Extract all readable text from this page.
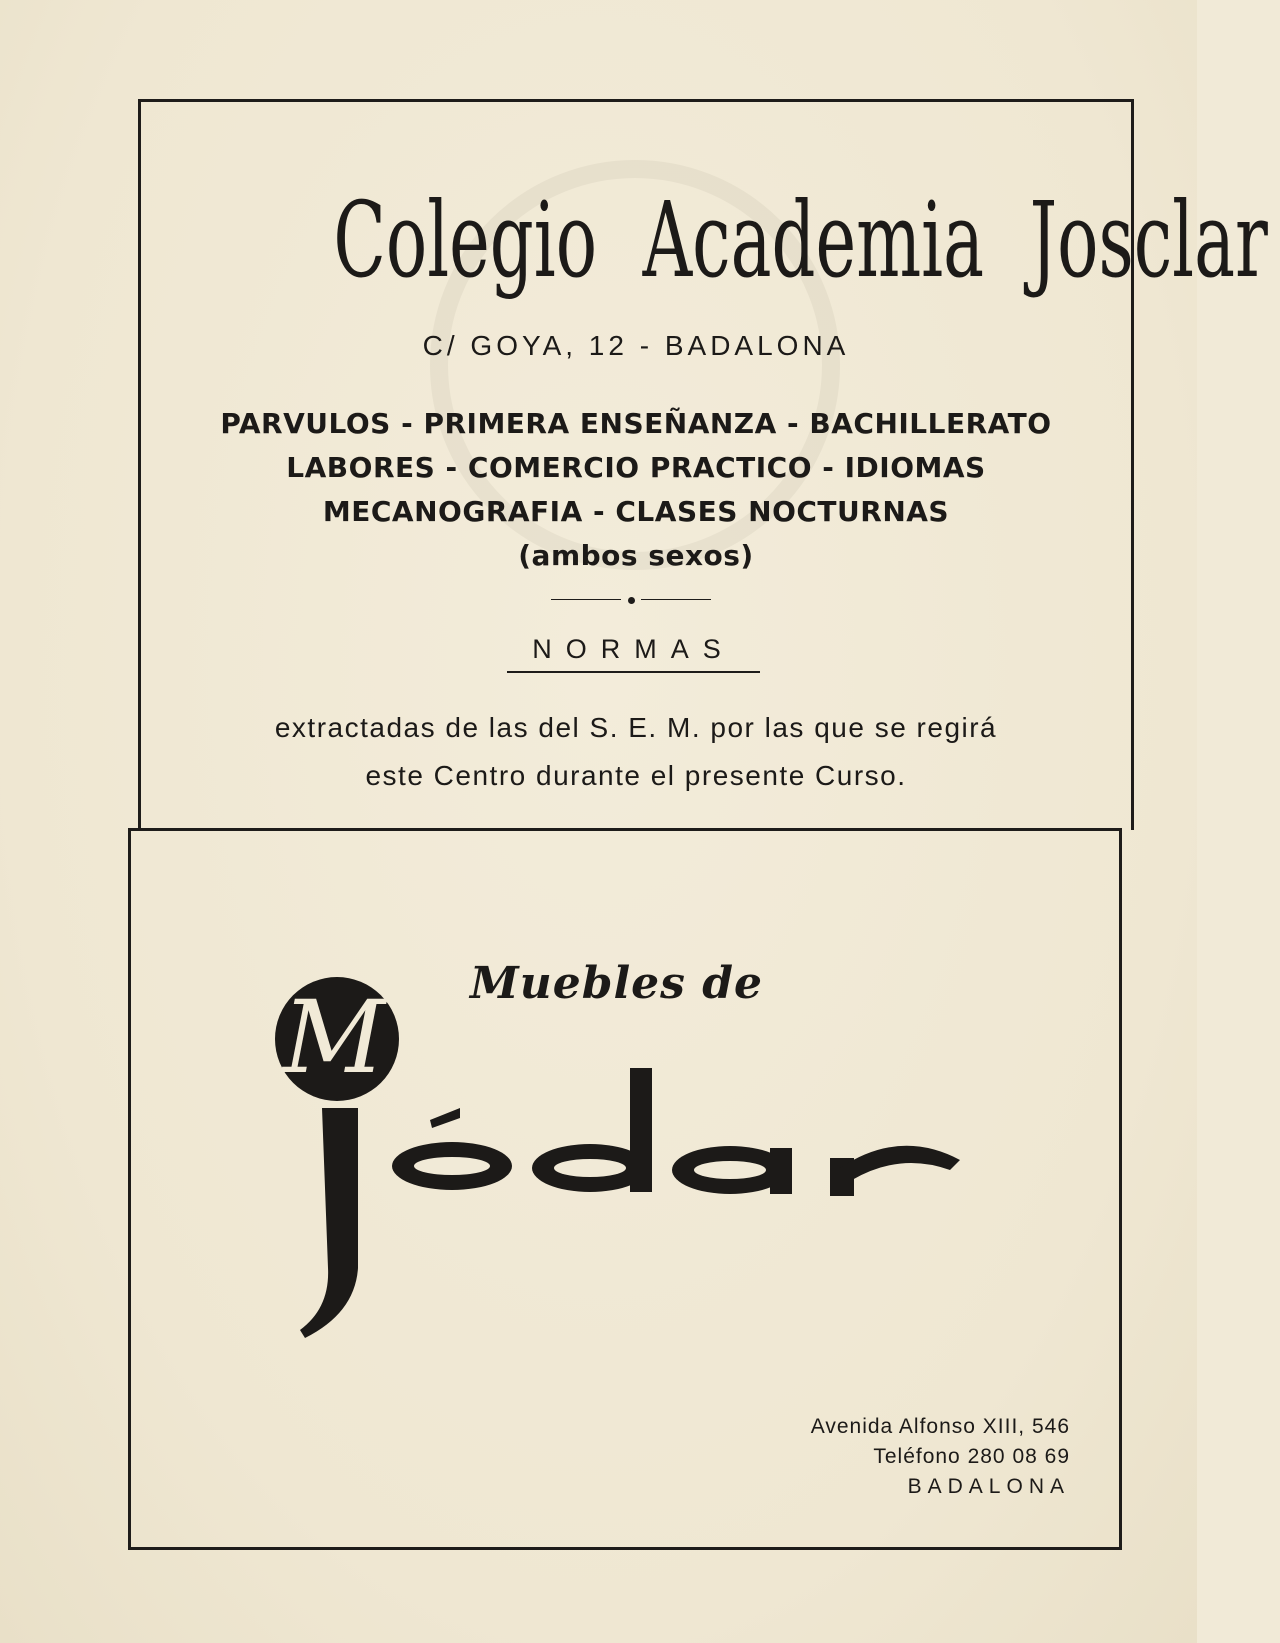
Colegio Academia Josclar
C/ GOYA, 12 - BADALONA
PARVULOS - PRIMERA ENSEÑANZA - BACHILLERATO
LABORES - COMERCIO PRACTICO - IDIOMAS
MECANOGRAFIA - CLASES NOCTURNAS
(ambos sexos)
NORMAS
extractadas de las del S. E. M. por las que se regirá
este Centro durante el presente Curso.
M Muebles de
jódar
Avenida Alfonso XIII, 546
Teléfono 280 08 69
BADALONA
